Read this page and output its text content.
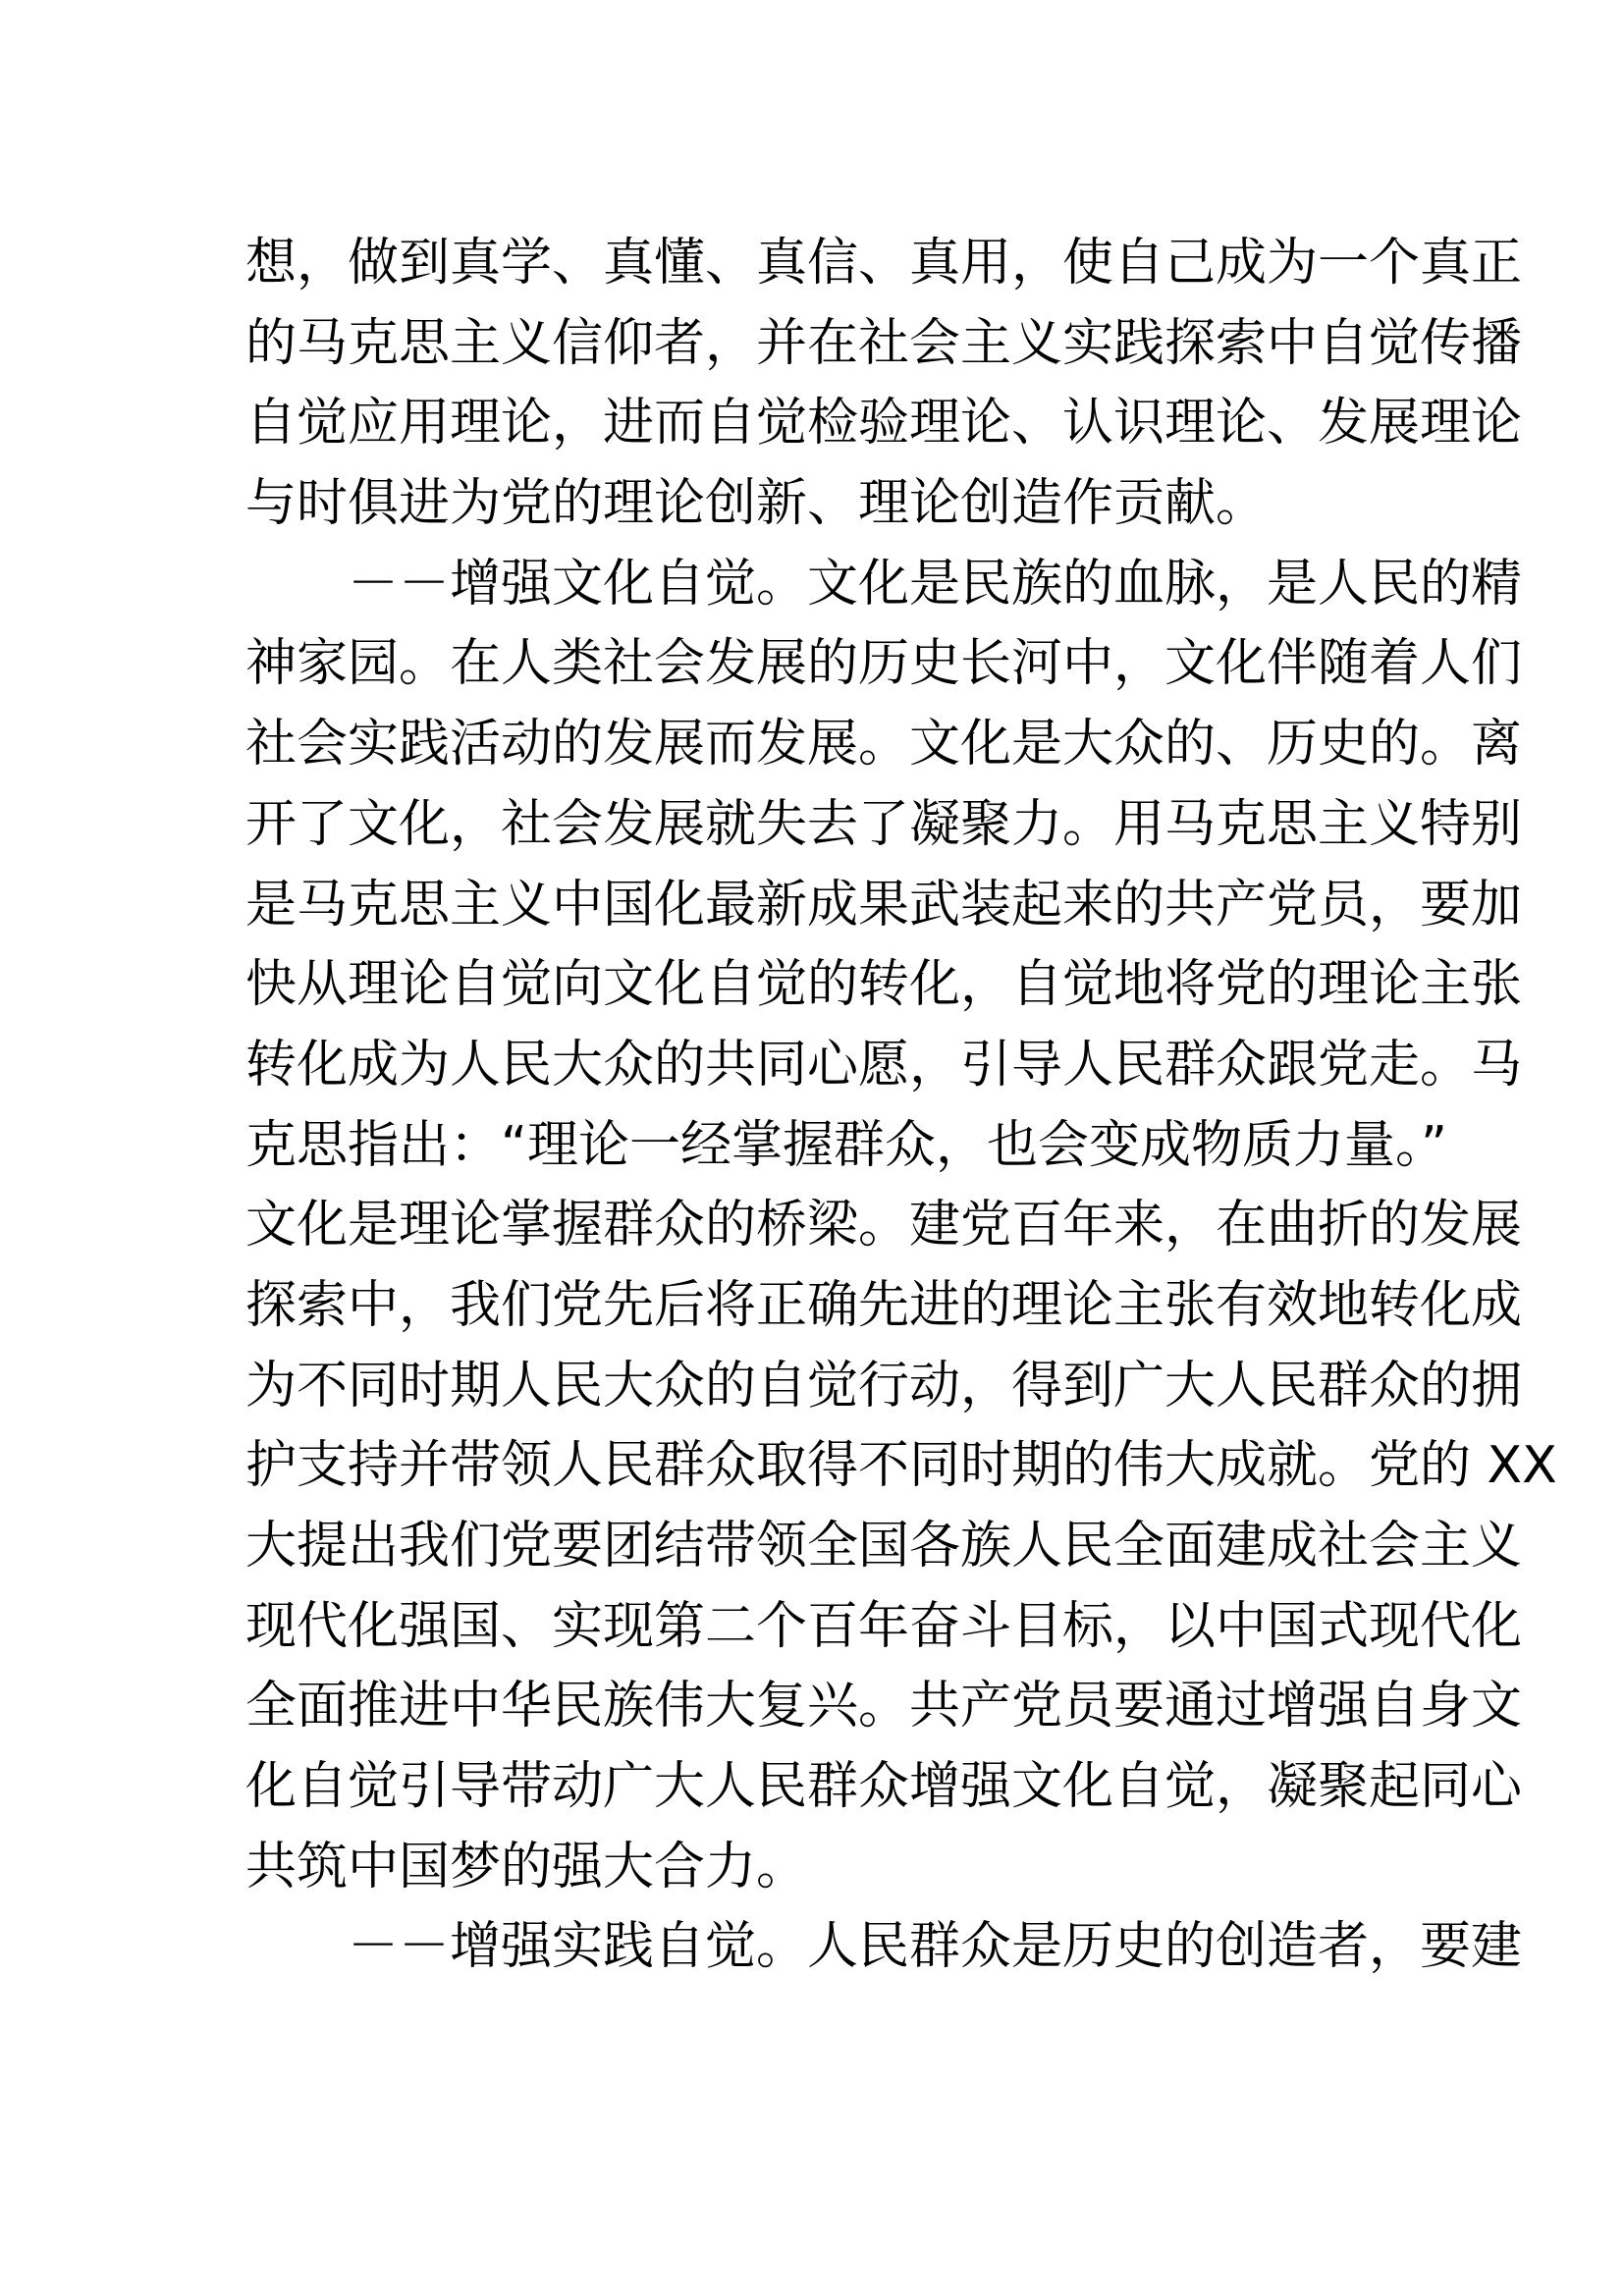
想，做到真学、真懂、真信、真用，使自己成为一个真正
的马克思主义信仰者，并在社会主义实践探索中自觉传播
自觉应用理论，进而自觉检验理论、认识理论、发展理论
与时俱进为党的理论创新、理论创造作贡献。
－－增强文化自觉。文化是民族的血脉，是人民的精
神家园。在人类社会发展的历史长河中，文化伴随着人们
社会实践活动的发展而发展。文化是大众的、历史的。离
开了文化，社会发展就失去了凝聚力。用马克思主义特别
是马克思主义中国化最新成果武装起来的共产党员，要加
快从理论自觉向文化自觉的转化，自觉地将党的理论主张
转化成为人民大众的共同心愿，引导人民群众跟党走。马
克思指出：“理论一经掌握群众，也会变成物质力量。”
文化是理论掌握群众的桥梁。建党百年来，在曲折的发展
探索中，我们党先后将正确先进的理论主张有效地转化成
为不同时期人民大众的自觉行动，得到广大人民群众的拥
护支持并带领人民群众取得不同时期的伟大成就。党的 XX
大提出我们党要团结带领全国各族人民全面建成社会主义
现代化强国、实现第二个百年奋斗目标，以中国式现代化
全面推进中华民族伟大复兴。共产党员要通过增强自身文
化自觉引导带动广大人民群众增强文化自觉，凝聚起同心
共筑中国梦的强大合力。
－－增强实践自觉。人民群众是历史的创造者，要建
